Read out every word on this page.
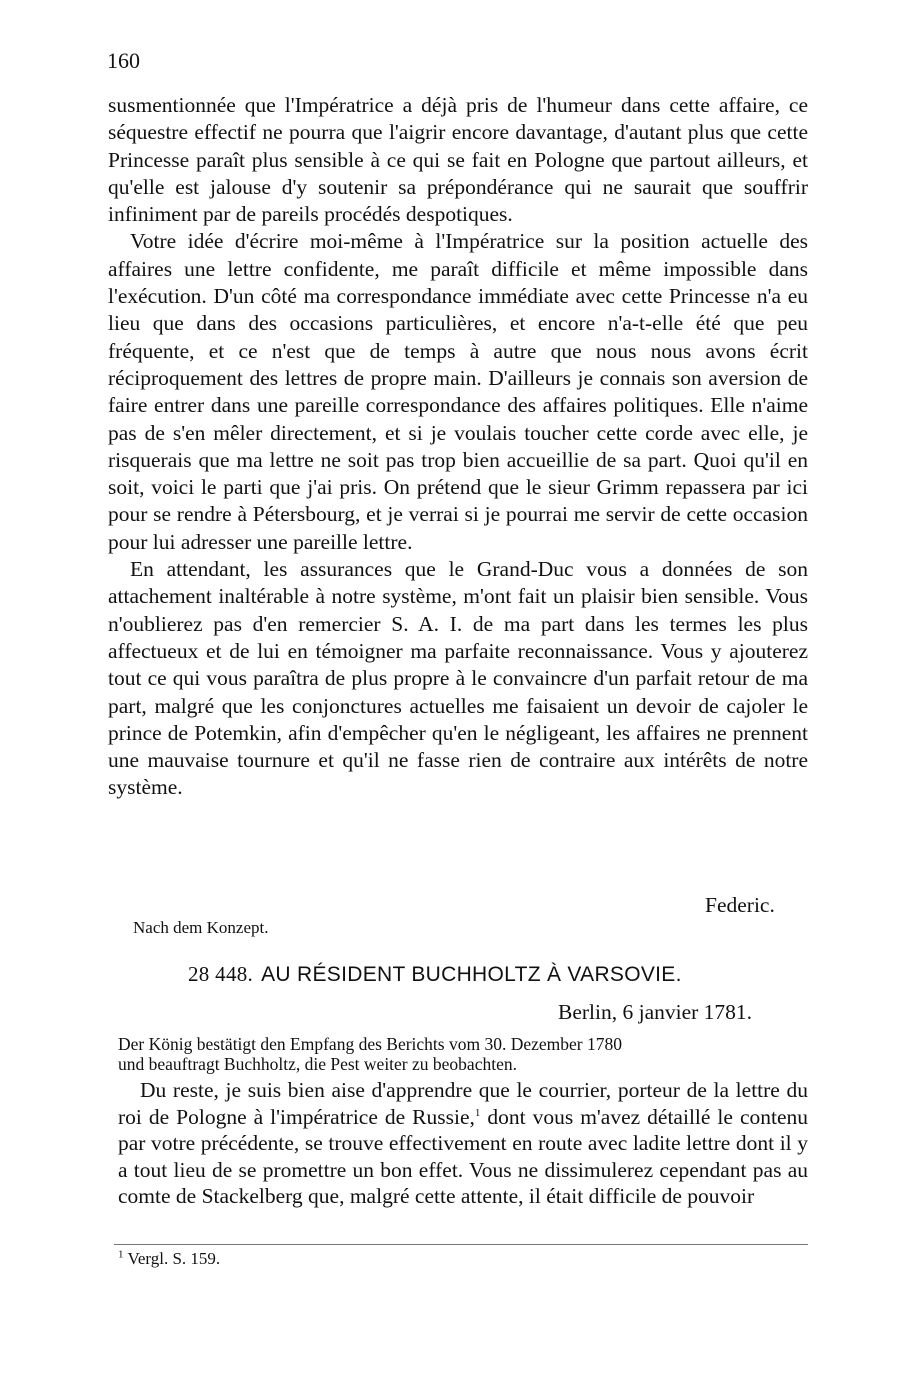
160

susmentionnée que l'Impératrice a déjà pris de l'humeur dans cette affaire, ce séquestre effectif ne pourra que l'aigrir encore davantage, d'autant plus que cette Princesse paraît plus sensible à ce qui se fait en Pologne que partout ailleurs, et qu'elle est jalouse d'y soutenir sa prépondérance qui ne saurait que souffrir infiniment par de pareils procédés despotiques.

Votre idée d'écrire moi-même à l'Impératrice sur la position actuelle des affaires une lettre confidente, me paraît difficile et même impossible dans l'exécution. D'un côté ma correspondance immédiate avec cette Princesse n'a eu lieu que dans des occasions particulières, et encore n'a-t-elle été que peu fréquente, et ce n'est que de temps à autre que nous nous avons écrit réciproquement des lettres de propre main. D'ailleurs je connais son aversion de faire entrer dans une pareille correspondance des affaires politiques. Elle n'aime pas de s'en mêler directement, et si je voulais toucher cette corde avec elle, je risquerais que ma lettre ne soit pas trop bien accueillie de sa part. Quoi qu'il en soit, voici le parti que j'ai pris. On prétend que le sieur Grimm repassera par ici pour se rendre à Pétersbourg, et je verrai si je pourrai me servir de cette occasion pour lui adresser une pareille lettre.

En attendant, les assurances que le Grand-Duc vous a données de son attachement inaltérable à notre système, m'ont fait un plaisir bien sensible. Vous n'oublierez pas d'en remercier S. A. I. de ma part dans les termes les plus affectueux et de lui en témoigner ma parfaite reconnaissance. Vous y ajouterez tout ce qui vous paraîtra de plus propre à le convaincre d'un parfait retour de ma part, malgré que les conjonctures actuelles me faisaient un devoir de cajoler le prince de Potemkin, afin d'empêcher qu'en le négligeant, les affaires ne prennent une mauvaise tournure et qu'il ne fasse rien de contraire aux intérêts de notre système.

Federic.
Nach dem Konzept.
28 448. AU RÉSIDENT BUCHHOLTZ À VARSOVIE.
Berlin, 6 janvier 1781.

Der König bestätigt den Empfang des Berichts vom 30. Dezember 1780

und beauftragt Buchholtz, die Pest weiter zu beobachten.

Du reste, je suis bien aise d'apprendre que le courrier, porteur de la lettre du roi de Pologne à l'impératrice de Russie,$^1$ dont vous m'avez détaillé le contenu par votre précédente, se trouve effectivement en route avec ladite lettre dont il y a tout lieu de se promettre un bon effet. Vous ne dissimulerez cependant pas au comte de Stackelberg que, malgré cette attente, il était difficile de pouvoir

$^1$ Vergl. S. 159.
